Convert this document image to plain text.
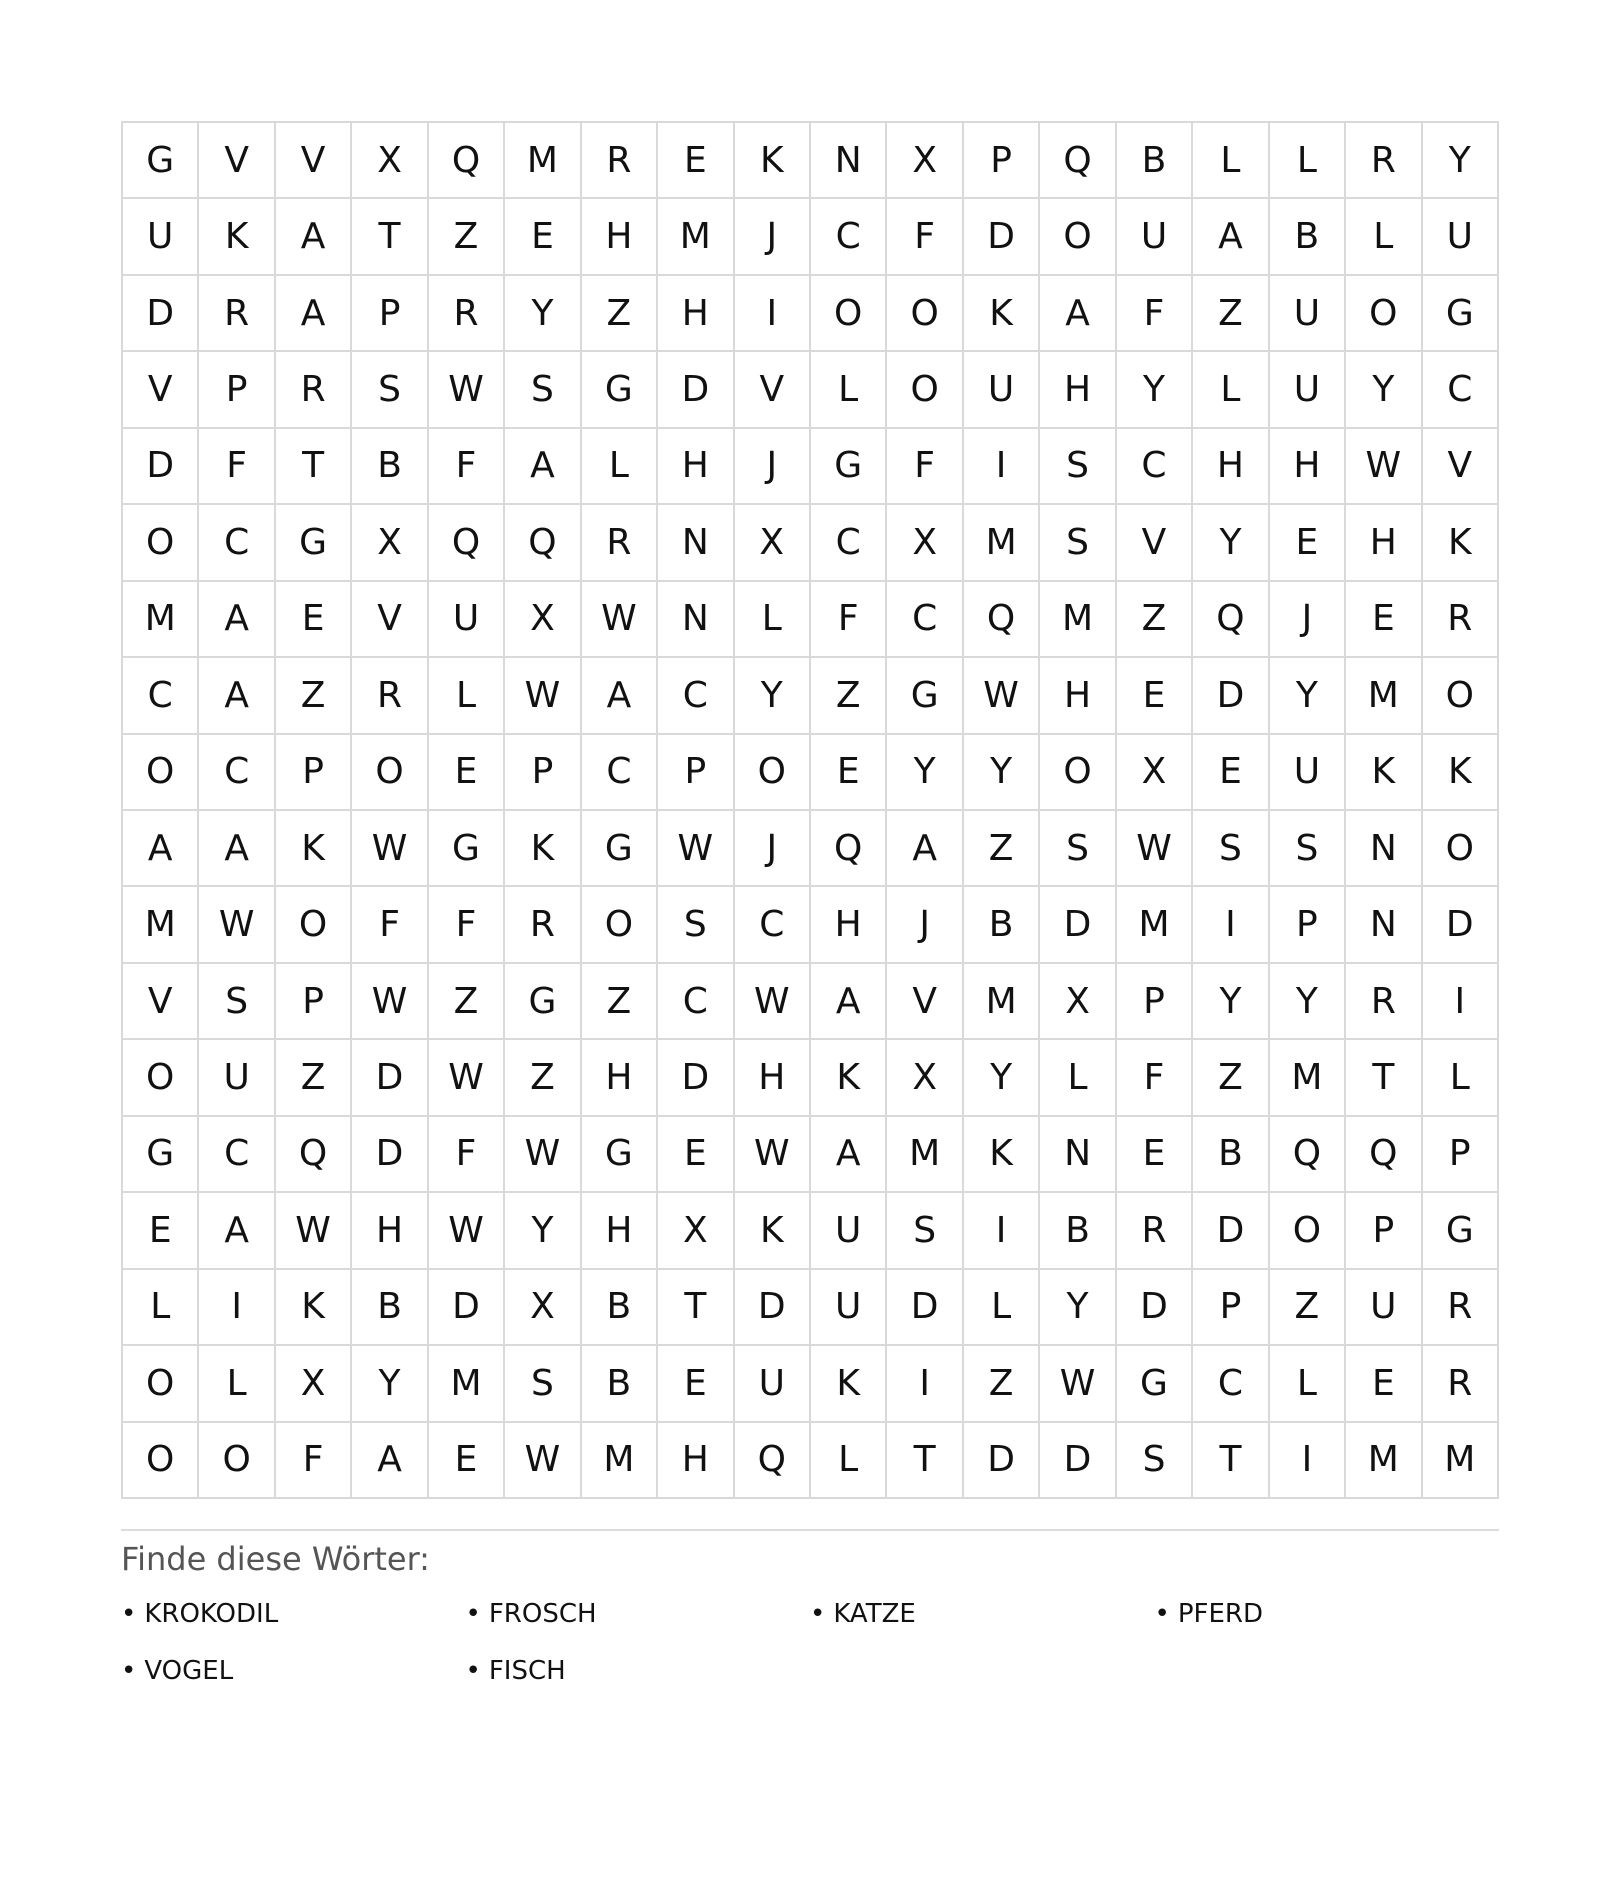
G	V	V	X	Q	M	R	E	K	N	X	P	Q	B	L	L	R	Y
U	K	A	T	Z	E	H	M	J	C	F	D	O	U	A	B	L	U
D	R	A	P	R	Y	Z	H	I	O	O	K	A	F	Z	U	O	G
V	P	R	S	W	S	G	D	V	L	O	U	H	Y	L	U	Y	C
D	F	T	B	F	A	L	H	J	G	F	I	S	C	H	H	W	V
O	C	G	X	Q	Q	R	N	X	C	X	M	S	V	Y	E	H	K
M	A	E	V	U	X	W	N	L	F	C	Q	M	Z	Q	J	E	R
C	A	Z	R	L	W	A	C	Y	Z	G	W	H	E	D	Y	M	O
O	C	P	O	E	P	C	P	O	E	Y	Y	O	X	E	U	K	K
A	A	K	W	G	K	G	W	J	Q	A	Z	S	W	S	S	N	O
M	W	O	F	F	R	O	S	C	H	J	B	D	M	I	P	N	D
V	S	P	W	Z	G	Z	C	W	A	V	M	X	P	Y	Y	R	I
O	U	Z	D	W	Z	H	D	H	K	X	Y	L	F	Z	M	T	L
G	C	Q	D	F	W	G	E	W	A	M	K	N	E	B	Q	Q	P
E	A	W	H	W	Y	H	X	K	U	S	I	B	R	D	O	P	G
L	I	K	B	D	X	B	T	D	U	D	L	Y	D	P	Z	U	R
O	L	X	Y	M	S	B	E	U	K	I	Z	W	G	C	L	E	R
O	O	F	A	E	W	M	H	Q	L	T	D	D	S	T	I	M	M
Finde diese Wörter:
• KROKODIL	• FROSCH	• KATZE	• PFERD
• VOGEL	• FISCH
